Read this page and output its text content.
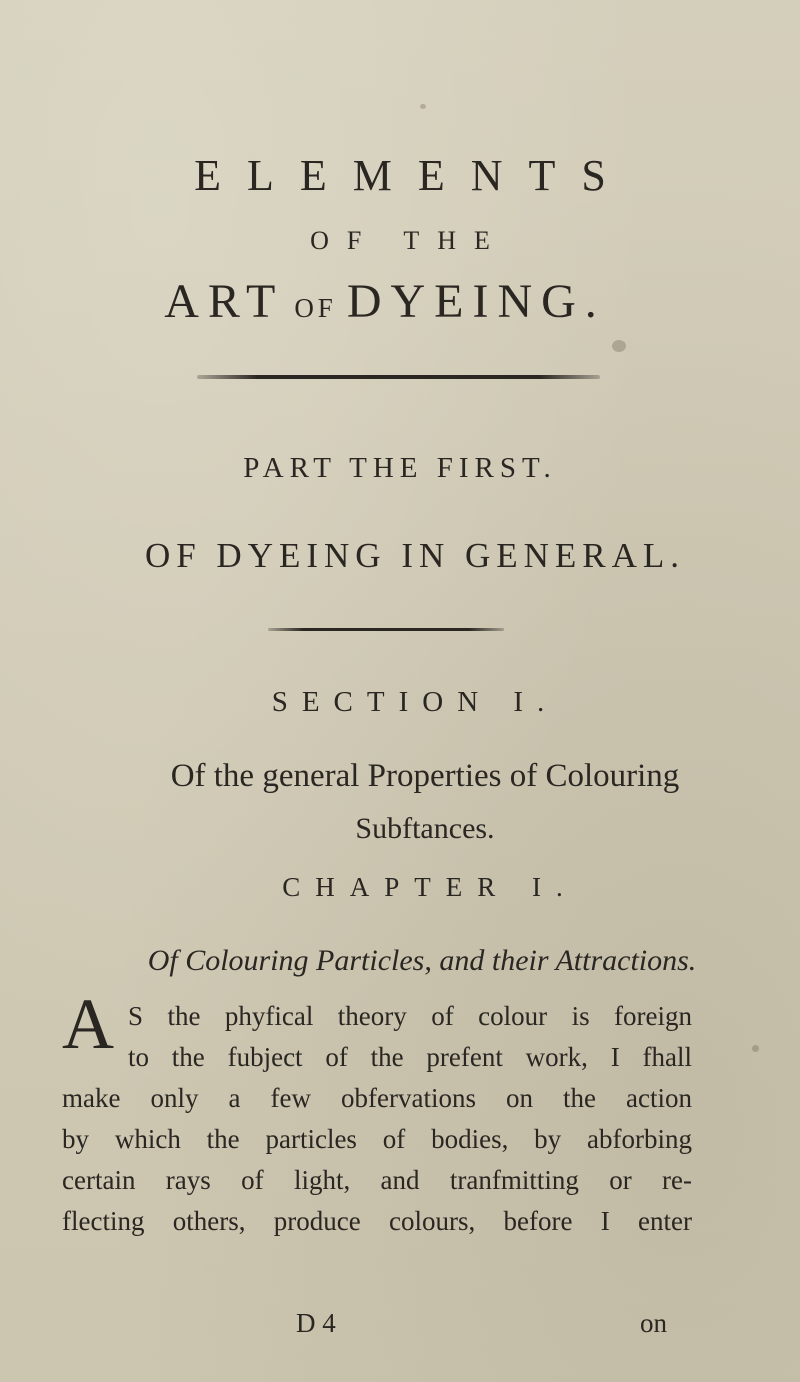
ELEMENTS
OF THE
ART OF DYEING.
PART THE FIRST.
OF DYEING IN GENERAL.
SECTION I.
Of the general Properties of Colouring
Subftances.
CHAPTER I.
Of Colouring Particles, and their Attractions.
A S the phyfical theory of colour is foreign
to the fubject of the prefent work, I fhall
make only a few obfervations on the action
by which the particles of bodies, by abforbing
certain rays of light, and tranfmitting or re-
flecting others, produce colours, before I enter
D 4	on
